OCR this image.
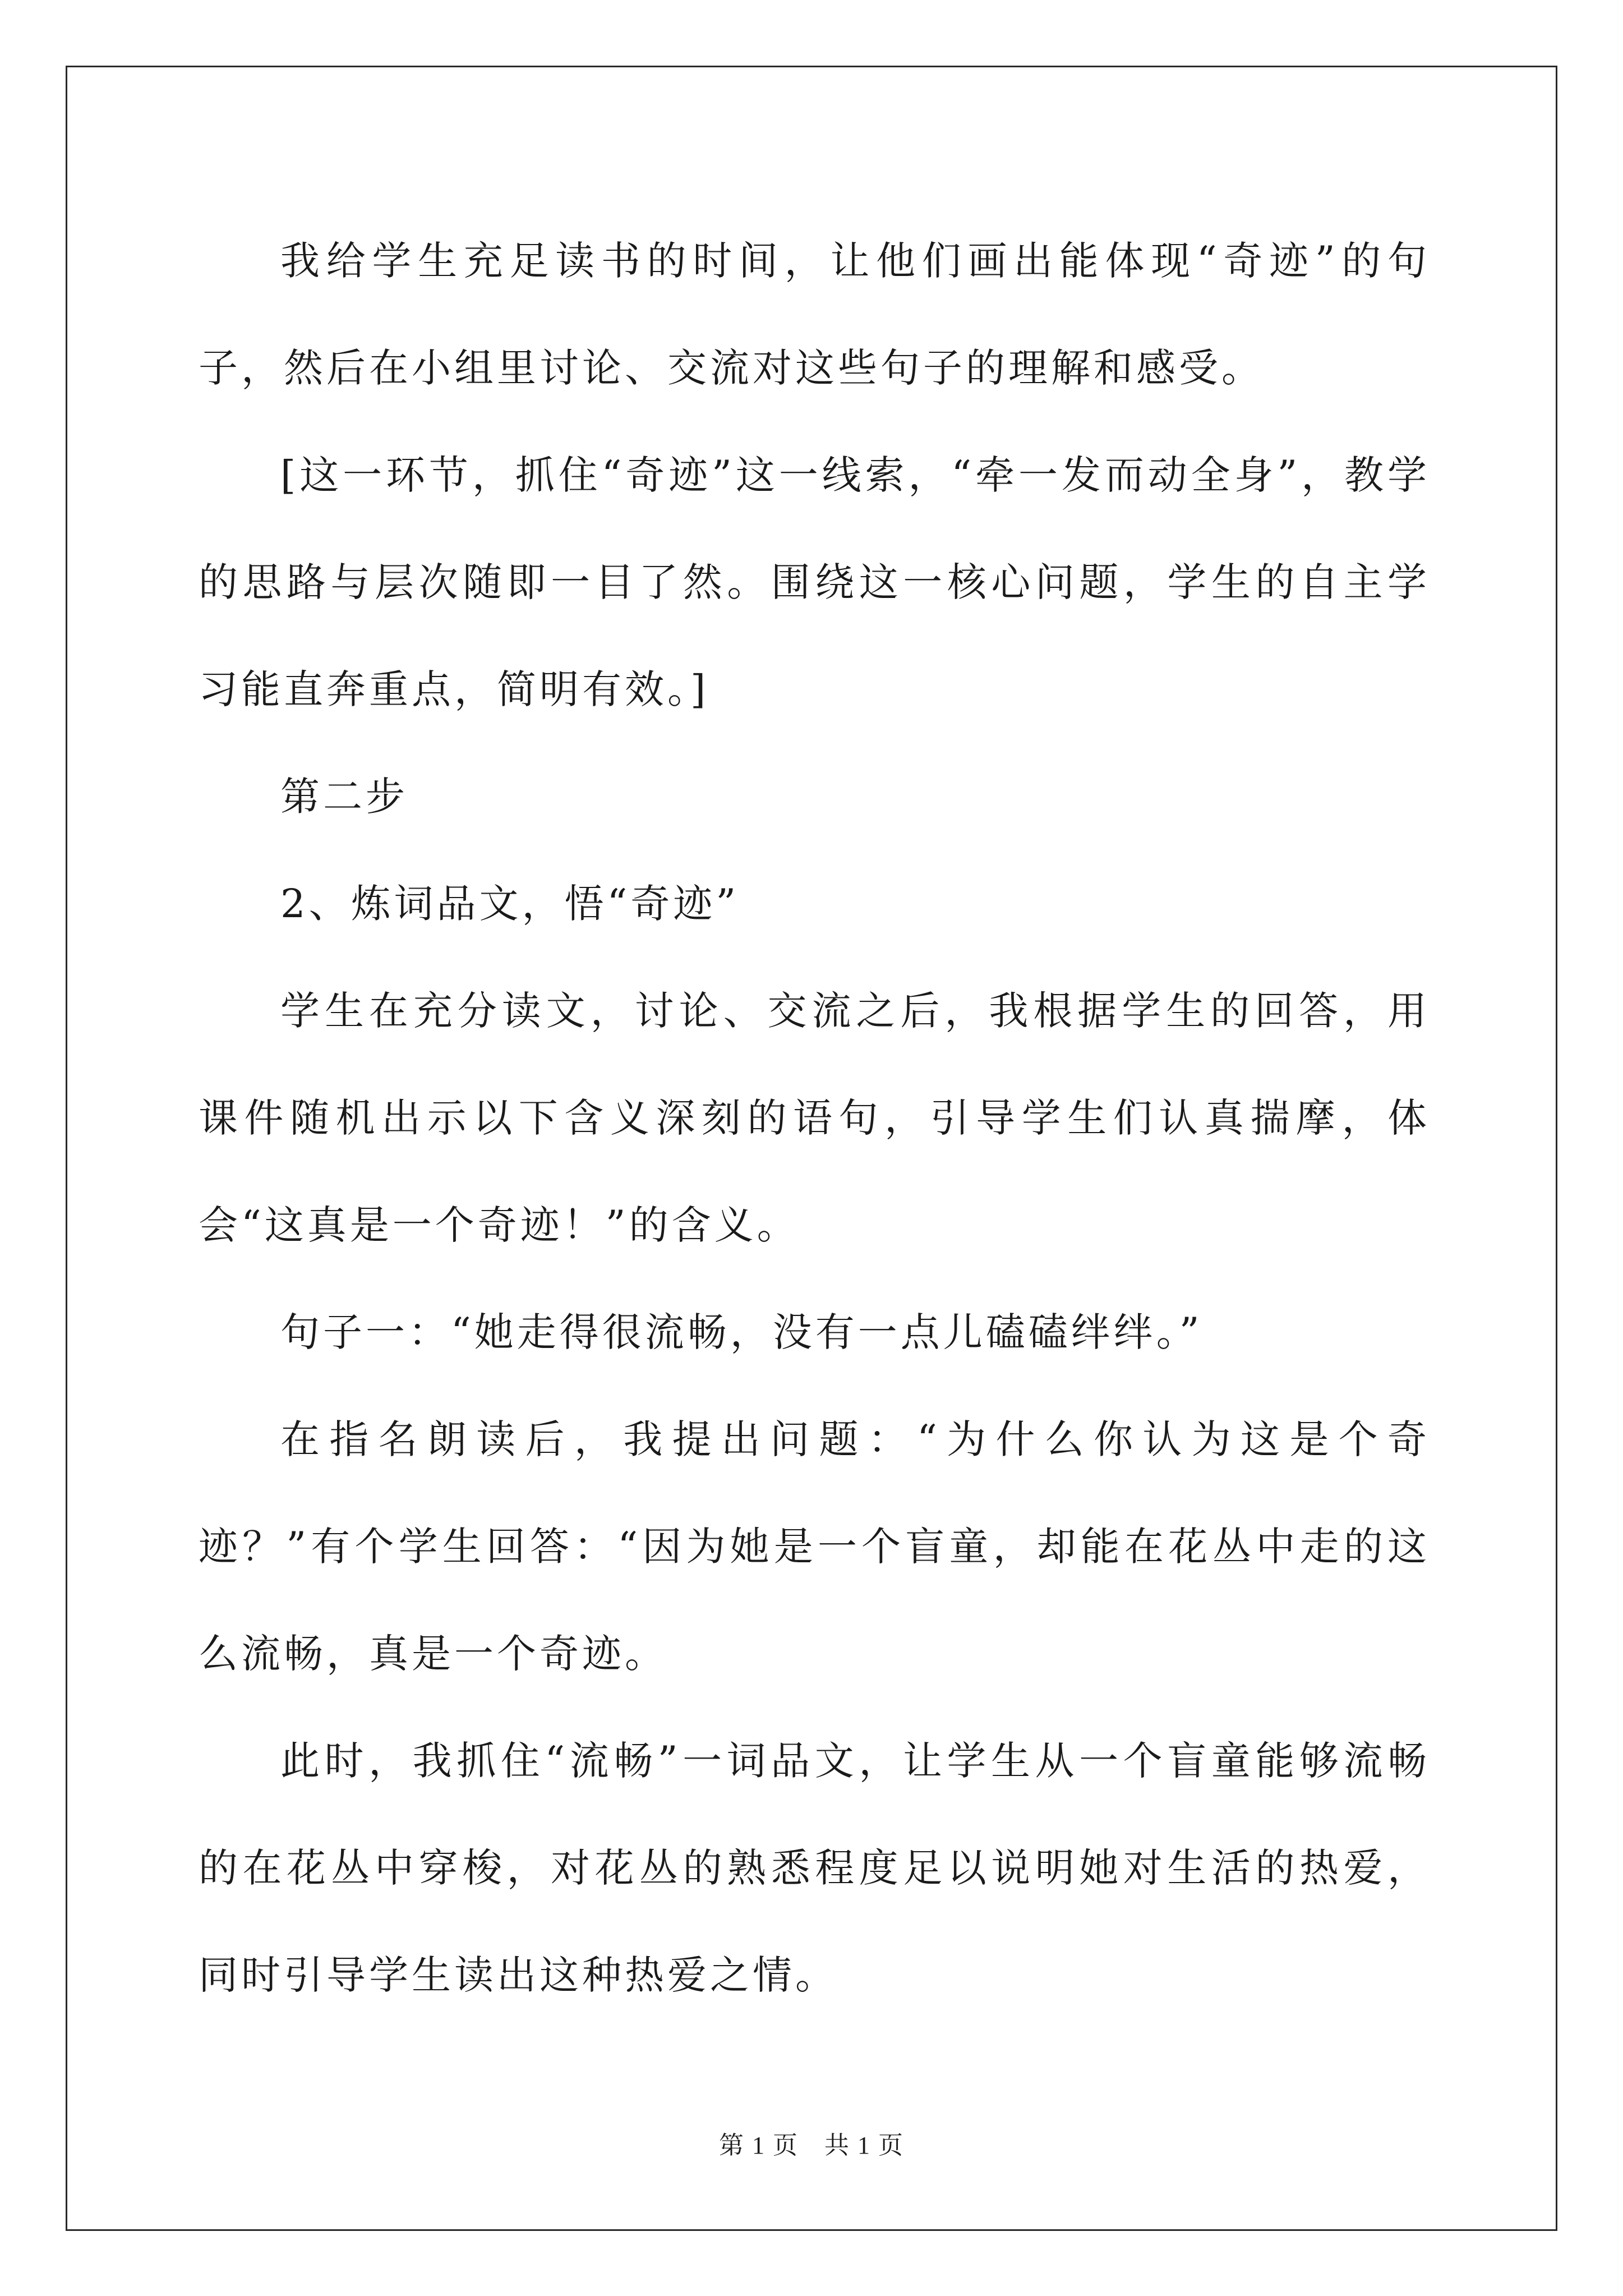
我给学生充足读书的时间，让他们画出能体现“奇迹”的句子，然后在小组里讨论、交流对这些句子的理解和感受。

[这一环节，抓住“奇迹”这一线索，“牵一发而动全身”，教学的思路与层次随即一目了然。围绕这一核心问题，学生的自主学习能直奔重点，简明有效。]

第二步

2、炼词品文，悟“奇迹”

学生在充分读文，讨论、交流之后，我根据学生的回答，用课件随机出示以下含义深刻的语句，引导学生们认真揣摩，体会“这真是一个奇迹！”的含义。

句子一：“她走得很流畅，没有一点儿磕磕绊绊。”

在指名朗读后，我提出问题：“为什么你认为这是个奇迹？”有个学生回答：“因为她是一个盲童，却能在花丛中走的这么流畅，真是一个奇迹。

此时，我抓住“流畅”一词品文，让学生从一个盲童能够流畅的在花丛中穿梭，对花丛的熟悉程度足以说明她对生活的热爱，同时引导学生读出这种热爱之情。

第 1 页 共 1 页
